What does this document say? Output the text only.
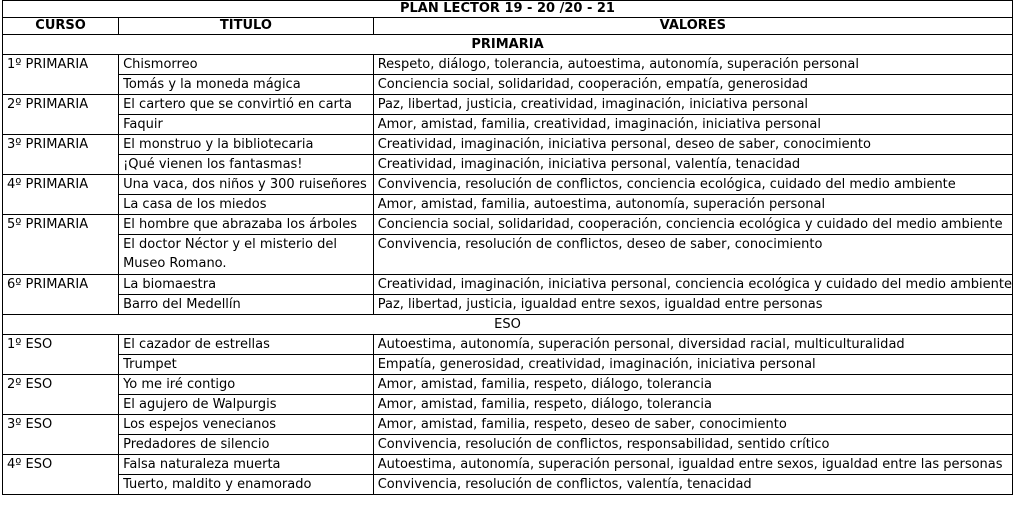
PLAN LECTOR 19 - 20 /20 - 21		
CURSO	TÍTULO	VALORES
PRIMARIA		
1º PRIMARIA	Chismorreo	Respeto, diálogo, tolerancia, autoestima, autonomía, superación personal
	Tomás y la moneda mágica	Conciencia social, solidaridad, cooperación, empatía, generosidad
2º PRIMARIA	El cartero que se convirtió en carta	Paz, libertad, justicia, creatividad, imaginación, iniciativa personal
	Faquir	Amor, amistad, familia, creatividad, imaginación, iniciativa personal
3º PRIMARIA	El monstruo y la bibliotecaria	Creatividad, imaginación, iniciativa personal, deseo de saber, conocimiento
	¡Qué vienen los fantasmas!	Creatividad, imaginación, iniciativa personal, valentía, tenacidad
4º PRIMARIA	Una vaca, dos niños y 300 ruiseñores	Convivencia, resolución de conflictos, conciencia ecológica, cuidado del medio ambiente
	La casa de los miedos	Amor, amistad, familia, autoestima, autonomía, superación personal
5º PRIMARIA	El hombre que abrazaba los árboles	Conciencia social, solidaridad, cooperación, conciencia ecológica y cuidado del medio ambiente
	El doctor Néctor y el misterio del Museo Romano.	Convivencia, resolución de conflictos, deseo de saber, conocimiento
6º PRIMARIA	La biomaestra	Creatividad, imaginación, iniciativa personal, conciencia ecológica y cuidado del medio ambiente
	Barro del Medellín	Paz, libertad, justicia, igualdad entre sexos, igualdad entre personas
ESO		
1º ESO	El cazador de estrellas	Autoestima, autonomía, superación personal, diversidad racial, multiculturalidad
	Trumpet	Empatía, generosidad, creatividad, imaginación, iniciativa personal
2º ESO	Yo me iré contigo	Amor, amistad, familia, respeto, diálogo, tolerancia
	El agujero de Walpurgis	Amor, amistad, familia, respeto, diálogo, tolerancia
3º ESO	Los espejos venecianos	Amor, amistad, familia, respeto, deseo de saber, conocimiento
	Predadores de silencio	Convivencia, resolución de conflictos, responsabilidad, sentido crítico
4º ESO	Falsa naturaleza muerta	Autoestima, autonomía, superación personal, igualdad entre sexos, igualdad entre las personas
	Tuerto, maldito y enamorado	Convivencia, resolución de conflictos, valentía, tenacidad
